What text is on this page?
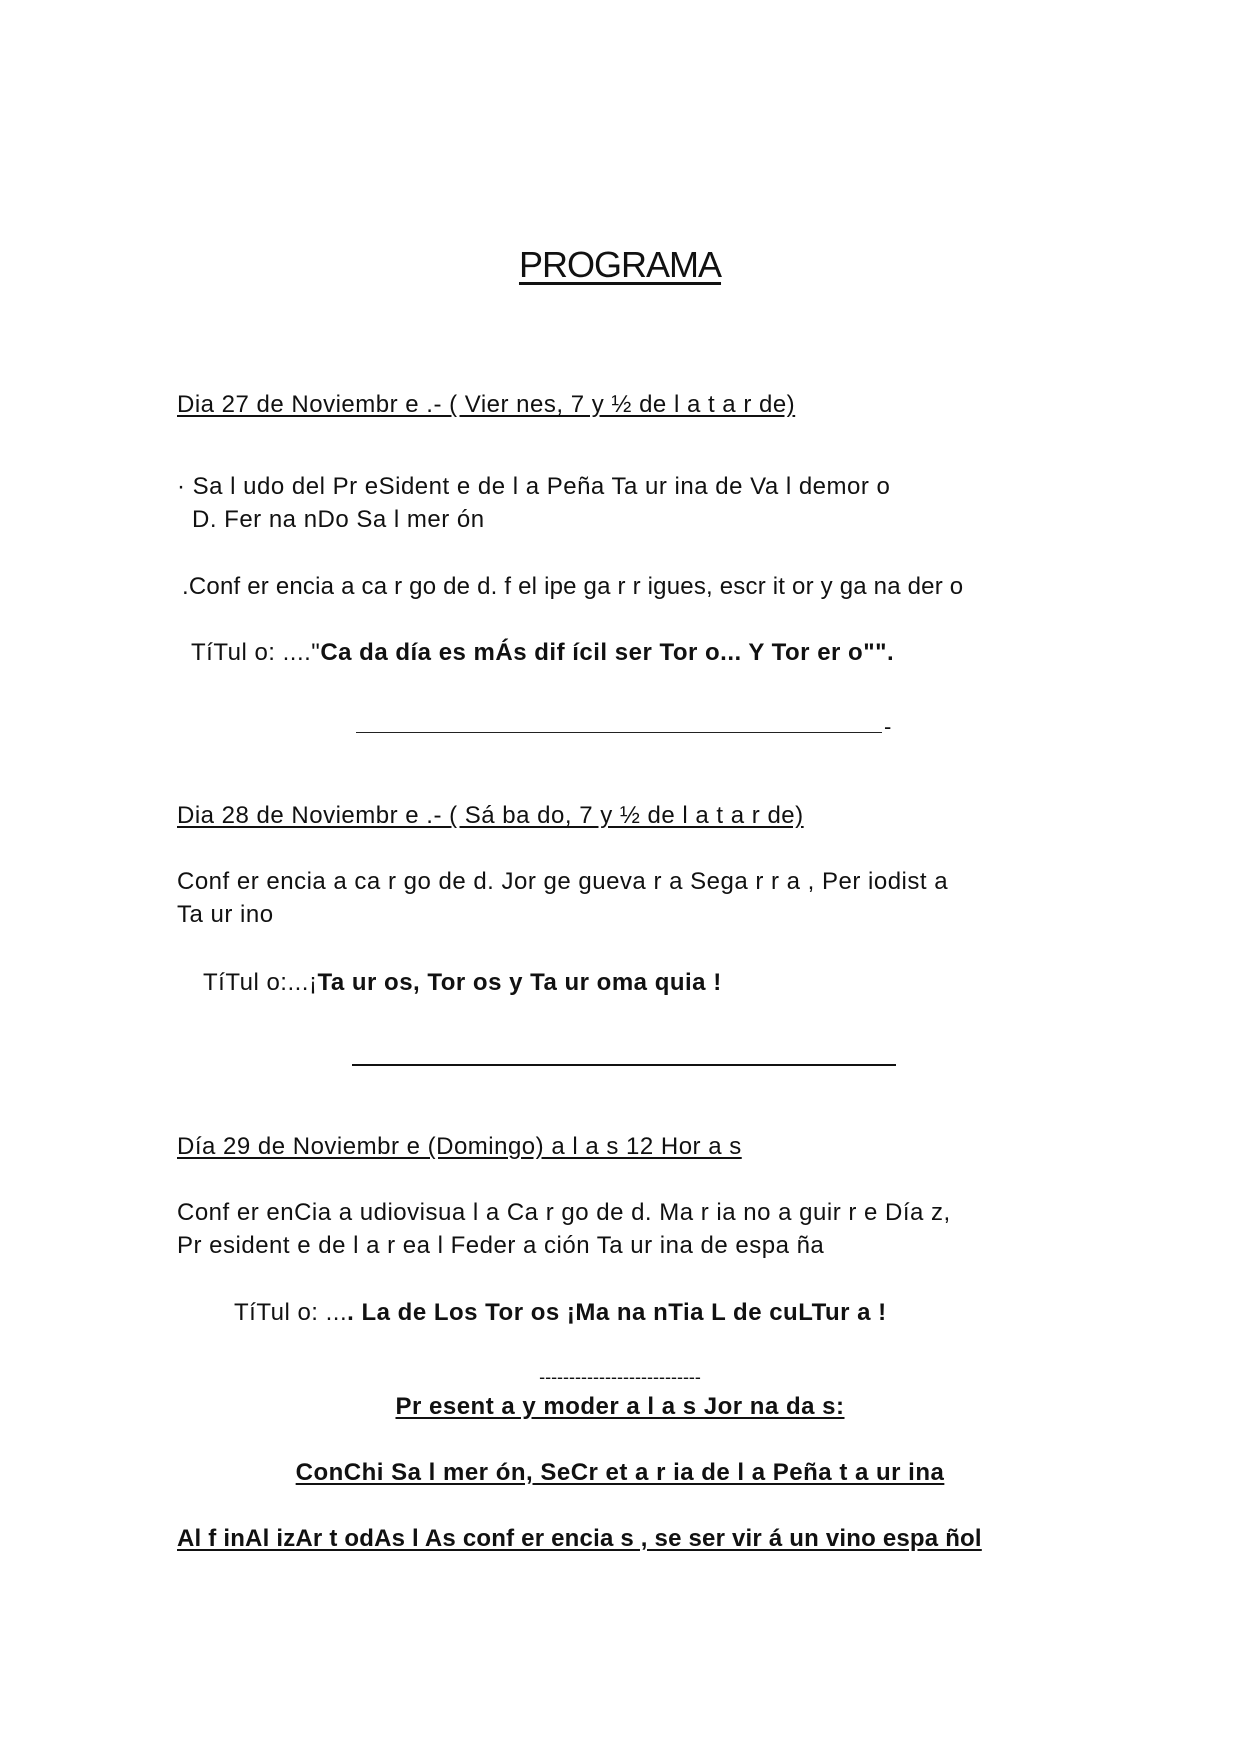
PROGRAMA

Dia 27 de Noviembr e .- ( Vier nes, 7 y ½ de l a t a r de)

· Sa l udo del Pr eSident e de l a Peña Ta ur ina de Va l demor o

D. Fer na nDo Sa l mer ón

.Conf er encia a ca r go de d. f el ipe ga r r igues, escr it or y ga na der o

TíTul o: ...."Ca da día es mÁs dif ícil ser Tor o... Y Tor er o"".

-

Dia 28 de Noviembr e .- ( Sá ba do, 7 y ½ de l a t a r de)

Conf er encia a ca r go de d. Jor ge gueva r a Sega r r a , Per iodist a

Ta ur ino

TíTul o:...¡Ta ur os, Tor os y Ta ur oma quia !

Día 29 de Noviembr e (Domingo) a l a s 12 Hor a s

Conf er enCia a udiovisua l a Ca r go de d. Ma r ia no a guir r e Día z,

Pr esident e de l a r ea l Feder a ción Ta ur ina de espa ña

TíTul o: .... La de Los Tor os ¡Ma na nTia L de cuLTur a !

---------------------------

Pr esent a y moder a l a s Jor na da s:

ConChi Sa l mer ón, SeCr et a r ia de l a Peña t a ur ina

Al f inAl izAr t odAs l As conf er encia s , se ser vir á un vino espa ñol
